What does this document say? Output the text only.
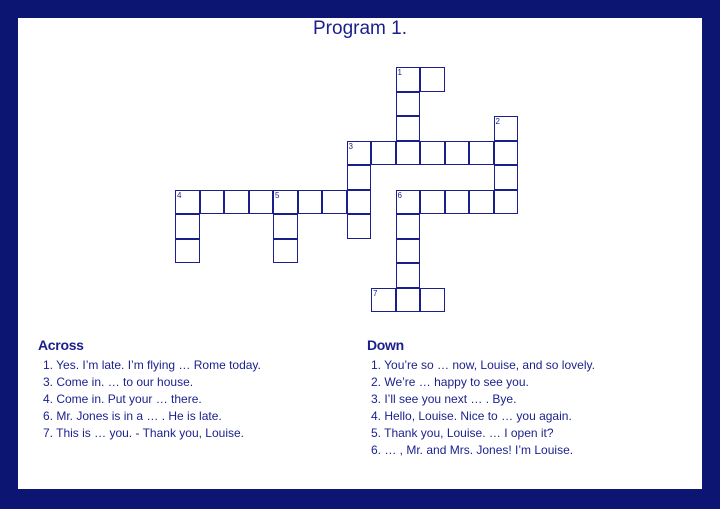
Program 1.
1
2
3
4	5	6
7
Across
1. Yes. I’m late. I’m flying … Rome today.
3. Come in. … to our house.
4. Come in. Put your … there.
6. Mr. Jones is in a … . He is late.
7. This is … you. - Thank you, Louise.
Down
1. You’re so … now, Louise, and so lovely.
2. We’re … happy to see you.
3. I’ll see you next … . Bye.
4. Hello, Louise. Nice to … you again.
5. Thank you, Louise. … I open it?
6. … , Mr. and Mrs. Jones! I’m Louise.
